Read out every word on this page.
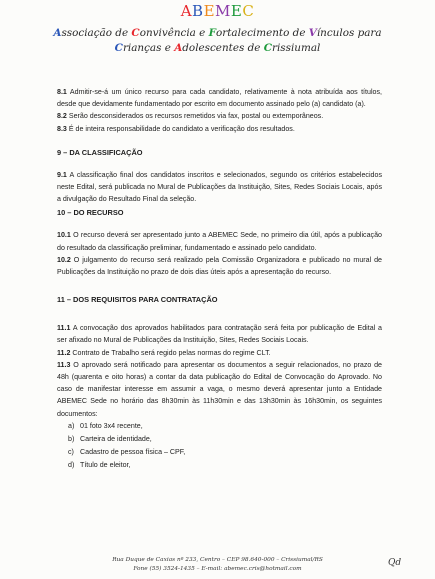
ABEMEC
Associação de Convivência e Fortalecimento de Vínculos para
Crianças e Adolescentes de Crissiumal

8.1 Admitir-se-á um único recurso para cada candidato, relativamente à nota atribuída aos títulos, desde que devidamente fundamentado por escrito em documento assinado pelo (a) candidato (a).

8.2 Serão desconsiderados os recursos remetidos via fax, postal ou extemporâneos.

8.3 É de inteira responsabilidade do candidato a verificação dos resultados.

9 – DA CLASSIFICAÇÃO

9.1 A classificação final dos candidatos inscritos e selecionados, segundo os critérios estabelecidos neste Edital, será publicada no Mural de Publicações da Instituição, Sites, Redes Sociais Locais, após a divulgação do Resultado Final da seleção.

10 – DO RECURSO

10.1 O recurso deverá ser apresentado junto a ABEMEC Sede, no primeiro dia útil, após a publicação do resultado da classificação preliminar, fundamentado e assinado pelo candidato.

10.2 O julgamento do recurso será realizado pela Comissão Organizadora e publicado no mural de Publicações da Instituição no prazo de dois dias úteis após a apresentação do recurso.

11 – DOS REQUISITOS PARA CONTRATAÇÃO

11.1 A convocação dos aprovados habilitados para contratação será feita por publicação de Edital a ser afixado no Mural de Publicações da Instituição, Sites, Redes Sociais Locais.

11.2 Contrato de Trabalho será regido pelas normas do regime CLT.

11.3 O aprovado será notificado para apresentar os documentos a seguir relacionados, no prazo de 48h (quarenta e oito horas) a contar da data publicação do Edital de Convocação do Aprovado. No caso de manifestar interesse em assumir a vaga, o mesmo deverá apresentar junto a Entidade ABEMEC Sede no horário das 8h30min às 11h30min e das 13h30min às 16h30min, os seguintes documentos:

a) 01 foto 3x4 recente,
b) Carteira de identidade,
c) Cadastro de pessoa física – CPF,
d) Título de eleitor,
Rua Duque de Caxias nº 233, Centro – CEP 98.640-000 – Crissiumal/RS
Fone (55) 3524-1435 – E-mail: abemec.cris@hotmail.com
Qd
